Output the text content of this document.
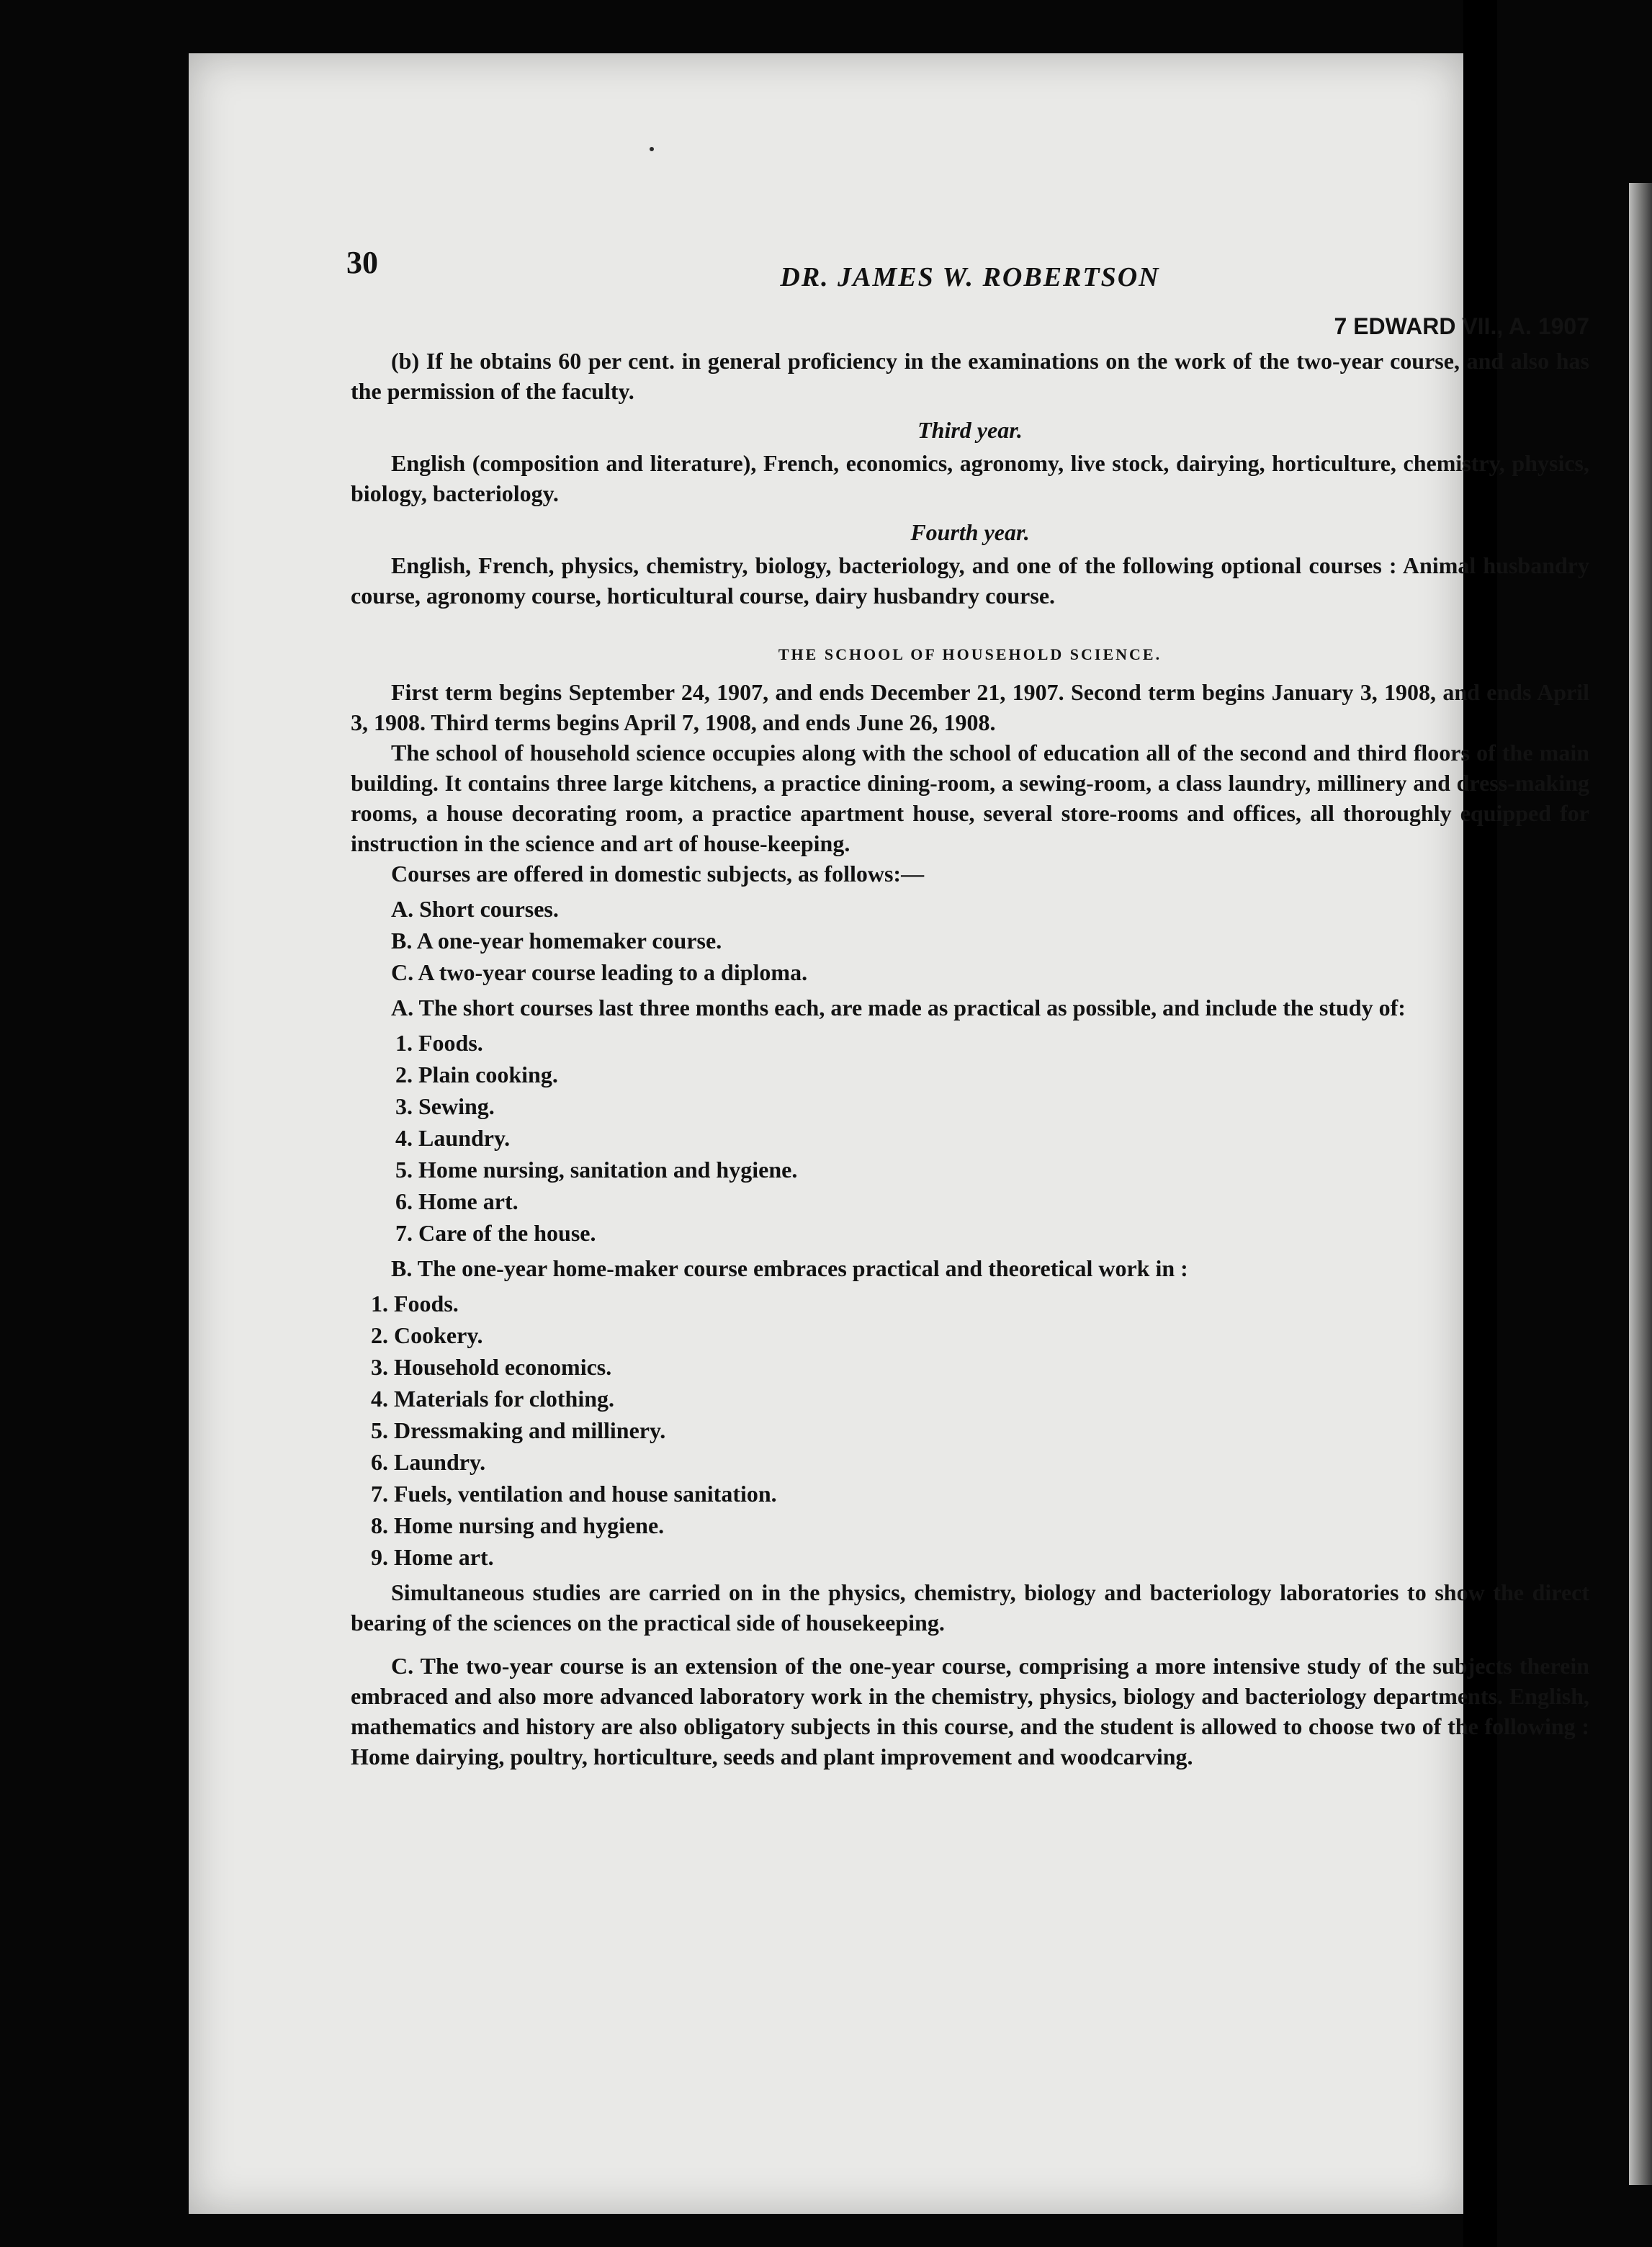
30	DR. JAMES W. ROBERTSON
7 EDWARD VII., A. 1907

(b) If he obtains 60 per cent. in general proficiency in the examinations on the work of the two-year course, and also has the permission of the faculty.

Third year.

English (composition and literature), French, economics, agronomy, live stock, dairying, horticulture, chemistry, physics, biology, bacteriology.

Fourth year.

English, French, physics, chemistry, biology, bacteriology, and one of the following optional courses : Animal husbandry course, agronomy course, horticultural course, dairy husbandry course.

THE SCHOOL OF HOUSEHOLD SCIENCE.

First term begins September 24, 1907, and ends December 21, 1907. Second term begins January 3, 1908, and ends April 3, 1908. Third terms begins April 7, 1908, and ends June 26, 1908.

The school of household science occupies along with the school of education all of the second and third floors of the main building. It contains three large kitchens, a practice dining-room, a sewing-room, a class laundry, millinery and dress-making rooms, a house decorating room, a practice apartment house, several store-rooms and offices, all thoroughly equipped for instruction in the science and art of house-keeping.

Courses are offered in domestic subjects, as follows:—

A. Short courses.
B. A one-year homemaker course.
C. A two-year course leading to a diploma.

A. The short courses last three months each, are made as practical as possible, and include the study of:

1. Foods.
2. Plain cooking.
3. Sewing.
4. Laundry.
5. Home nursing, sanitation and hygiene.
6. Home art.
7. Care of the house.

B. The one-year home-maker course embraces practical and theoretical work in :

1. Foods.
2. Cookery.
3. Household economics.
4. Materials for clothing.
5. Dressmaking and millinery.
6. Laundry.
7. Fuels, ventilation and house sanitation.
8. Home nursing and hygiene.
9. Home art.

Simultaneous studies are carried on in the physics, chemistry, biology and bacteriology laboratories to show the direct bearing of the sciences on the practical side of housekeeping.

C. The two-year course is an extension of the one-year course, comprising a more intensive study of the subjects therein embraced and also more advanced laboratory work in the chemistry, physics, biology and bacteriology departments. English, mathematics and history are also obligatory subjects in this course, and the student is allowed to choose two of the following : Home dairying, poultry, horticulture, seeds and plant improvement and woodcarving.
